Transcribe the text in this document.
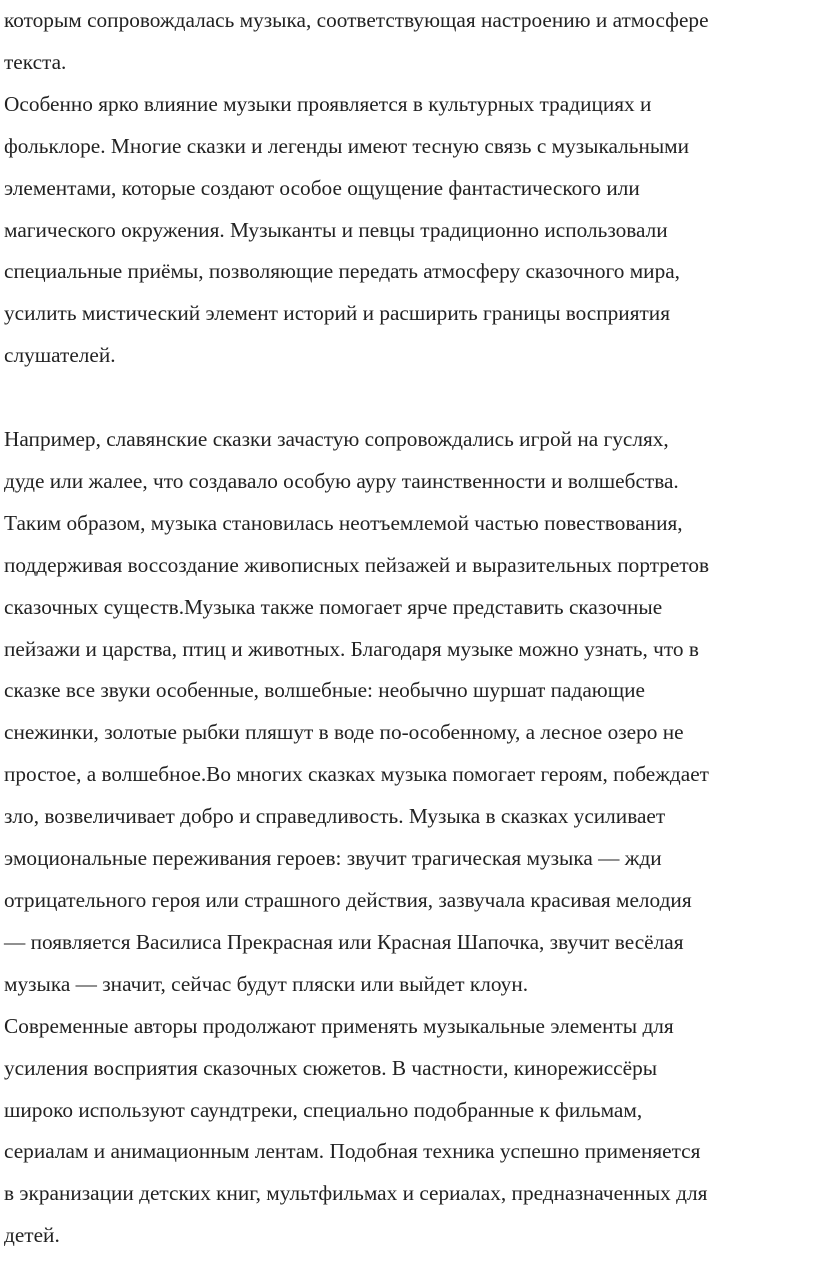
которым сопровождалась музыка, соответствующая настроению и атмосфере
текста.

Особенно ярко влияние музыки проявляется в культурных традициях и
фольклоре. Многие сказки и легенды имеют тесную связь с музыкальными
элементами, которые создают особое ощущение фантастического или
магического окружения. Музыканты и певцы традиционно использовали
специальные приёмы, позволяющие передать атмосферу сказочного мира,
усилить мистический элемент историй и расширить границы восприятия
слушателей.

Например, славянские сказки зачастую сопровождались игрой на гуслях,
дуде или жалее, что создавало особую ауру таинственности и волшебства.
Таким образом, музыка становилась неотъемлемой частью повествования,
поддерживая воссоздание живописных пейзажей и выразительных портретов
сказочных существ.Музыка также помогает ярче представить сказочные
пейзажи и царства, птиц и животных. Благодаря музыке можно узнать, что в
сказке все звуки особенные, волшебные: необычно шуршат падающие
снежинки, золотые рыбки пляшут в воде по-особенному, а лесное озеро не
простое, а волшебное.Во многих сказках музыка помогает героям, побеждает
зло, возвеличивает добро и справедливость. Музыка в сказках усиливает
эмоциональные переживания героев: звучит трагическая музыка — жди
отрицательного героя или страшного действия, зазвучала красивая мелодия
— появляется Василиса Прекрасная или Красная Шапочка, звучит весёлая
музыка — значит, сейчас будут пляски или выйдет клоун.

Современные авторы продолжают применять музыкальные элементы для
усиления восприятия сказочных сюжетов. В частности, кинорежиссёры
широко используют саундтреки, специально подобранные к фильмам,
сериалам и анимационным лентам. Подобная техника успешно применяется
в экранизации детских книг, мультфильмах и сериалах, предназначенных для
детей.
